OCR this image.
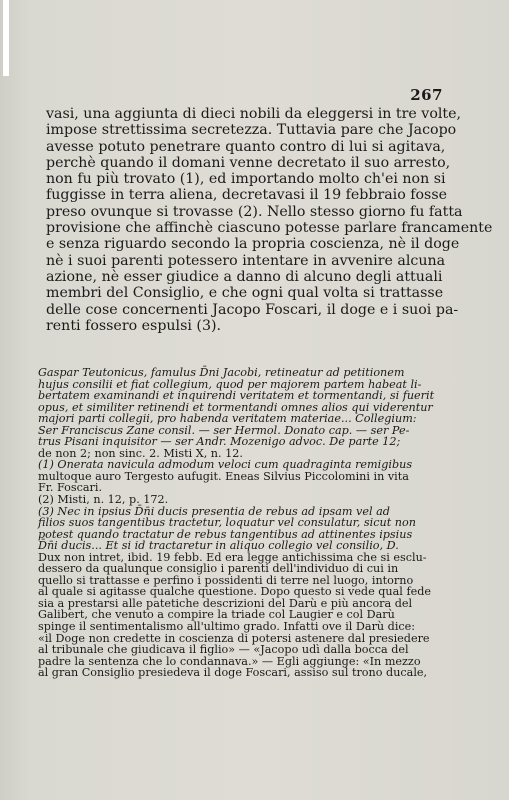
267
vasi, una aggiunta di dieci nobili da eleggersi in tre volte,
impose strettissima secretezza. Tuttavia pare che Jacopo
avesse potuto penetrare quanto contro di lui si agitava,
perchè quando il domani venne decretato il suo arresto,
non fu più trovato (1), ed importando molto ch'ei non si
fuggisse in terra aliena, decretavasi il 19 febbraio fosse
preso ovunque si trovasse (2). Nello stesso giorno fu fatta
provisione che affinchè ciascuno potesse parlare francamente
e senza riguardo secondo la propria coscienza, nè il doge
nè i suoi parenti potessero intentare in avvenire alcuna
azione, nè esser giudice a danno di alcuno degli attuali
membri del Consiglio, e che ogni qual volta si trattasse
delle cose concernenti Jacopo Foscari, il doge e i suoi pa-
renti fossero espulsi (3).
Gaspar Teutonicus, famulus D̄ni Jacobi, retineatur ad petitionem
hujus consilii et fiat collegium, quod per majorem partem habeat li-
bertatem examinandi et inquirendi veritatem et tormentandi, si fuerit
opus, et similiter retinendi et tormentandi omnes alios qui viderentur
majori parti collegii, pro habenda veritatem materiae... Collegium:
Ser Franciscus Zane consil. — ser Hermol. Donato cap. — ser Pe-
trus Pisani inquisitor — ser Andr. Mozenigo advoc. De parte 12;
de non 2; non sinc. 2. Misti X, n. 12.
(1) Onerata navicula admodum veloci cum quadraginta remigibus
multoque auro Tergesto aufugit. Eneas Silvius Piccolomini in vita
Fr. Foscari.
(2) Misti, n. 12, p. 172.
(3) Nec in ipsius D̄n̄i ducis presentia de rebus ad ipsam vel ad
filios suos tangentibus tractetur, loquatur vel consulatur, sicut non
potest quando tractatur de rebus tangentibus ad attinentes ipsius
D̄n̄i ducis... Et si id tractaretur in aliquo collegio vel consilio, D.
Dux non intret, ibid. 19 febb. Ed era legge antichissima che si esclu-
dessero da qualunque consiglio i parenti dell'individuo di cui in
quello si trattasse e perfino i possidenti di terre nel luogo, intorno
al quale si agitasse qualche questione. Dopo questo si vede qual fede
sia a prestarsi alle patetiche descrizioni del Darù e più ancora del
Galibert, che venuto a compire la triade col Laugier e col Darù
spinge il sentimentalismo all'ultimo grado. Infatti ove il Darù dice:
«il Doge non credette in coscienza di potersi astenere dal presiedere
al tribunale che giudicava il figlio» — «Jacopo udì dalla bocca del
padre la sentenza che lo condannava.» — Egli aggiunge: «In mezzo
al gran Consiglio presiedeva il doge Foscari, assiso sul trono ducale,
